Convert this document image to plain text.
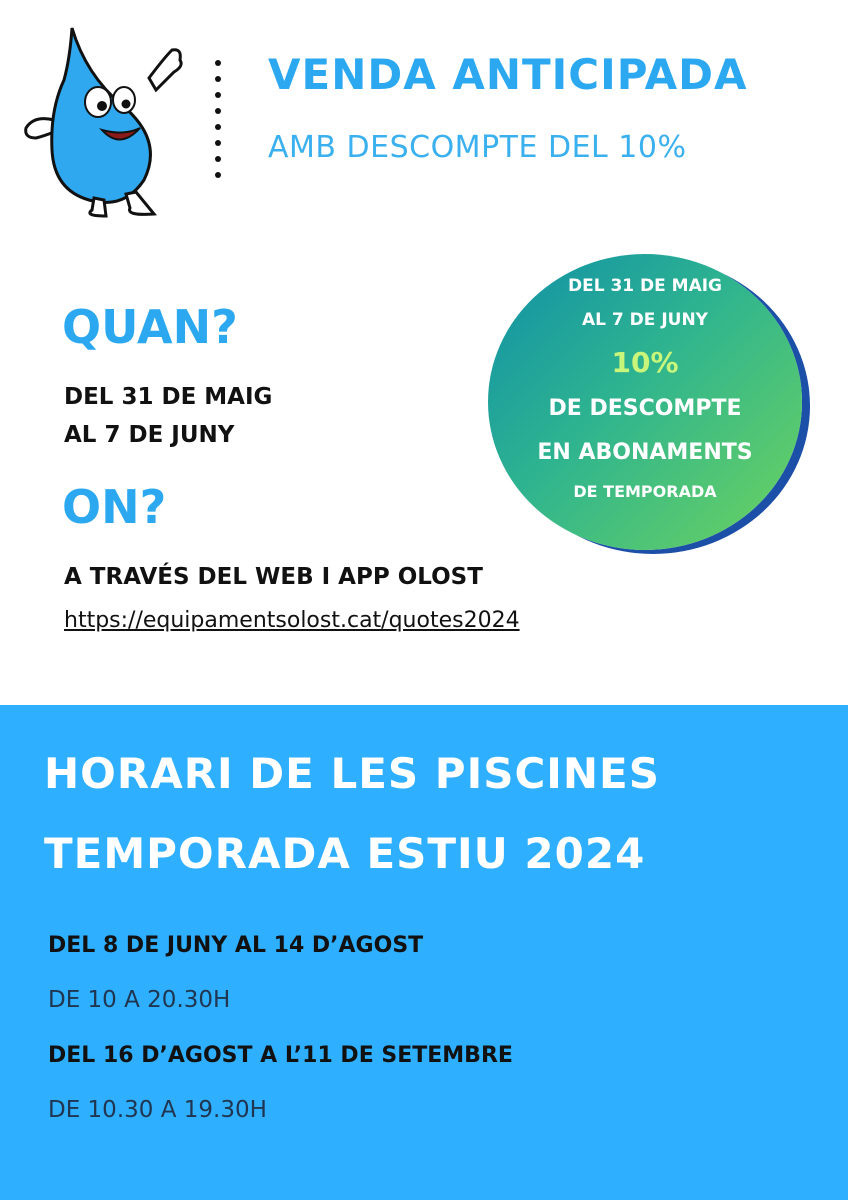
VENDA ANTICIPADA

AMB DESCOMPTE DEL 10%

QUAN?
DEL 31 DE MAIG
AL 7 DE JUNY
ON?
A TRAVÉS DEL WEB I APP OLOST
https://equipamentsolost.cat/quotes2024
DEL 31 DE MAIG
AL 7 DE JUNY
10%
DE DESCOMPTE
EN ABONAMENTS
DE TEMPORADA
HORARI DE LES PISCINES
TEMPORADA ESTIU 2024

DEL 8 DE JUNY AL 14 D’AGOST

DE 10 A 20.30H

DEL 16 D’AGOST A L’11 DE SETEMBRE

DE 10.30 A 19.30H
